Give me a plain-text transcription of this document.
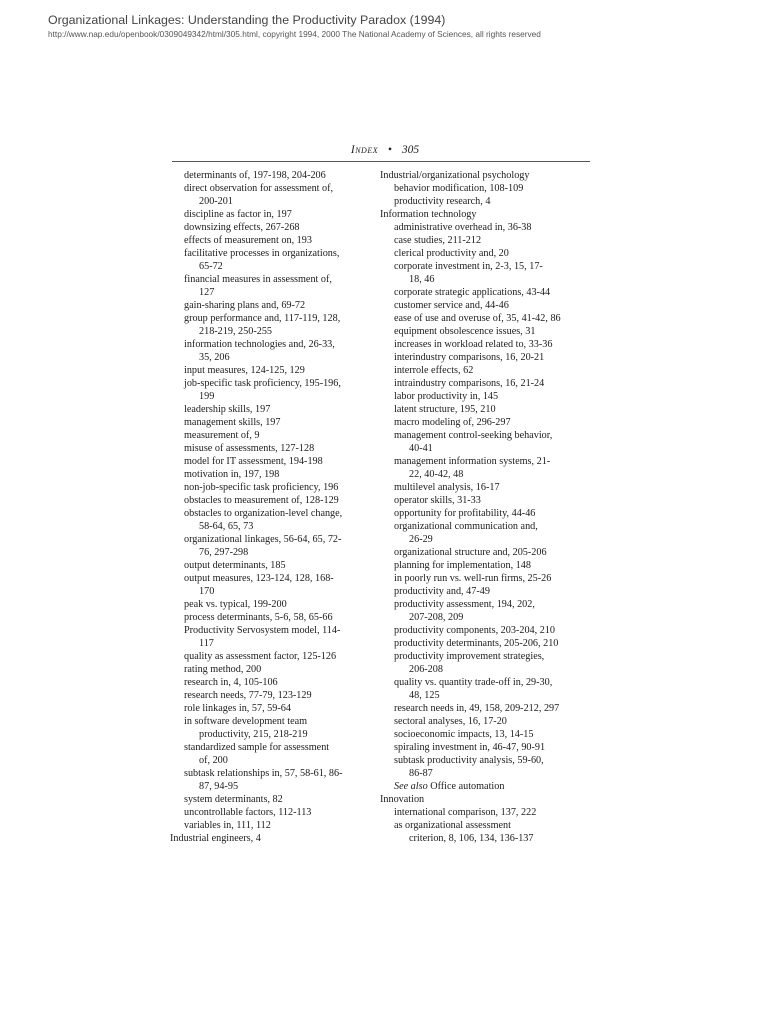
Organizational Linkages: Understanding the Productivity Paradox (1994)
http://www.nap.edu/openbook/0309049342/html/305.html, copyright 1994, 2000 The National Academy of Sciences, all rights reserved
Index • 305
determinants of, 197-198, 204-206
direct observation for assessment of,
200-201
discipline as factor in, 197
downsizing effects, 267-268
effects of measurement on, 193
facilitative processes in organizations,
65-72
financial measures in assessment of,
127
gain-sharing plans and, 69-72
group performance and, 117-119, 128,
218-219, 250-255
information technologies and, 26-33,
35, 206
input measures, 124-125, 129
job-specific task proficiency, 195-196,
199
leadership skills, 197
management skills, 197
measurement of, 9
misuse of assessments, 127-128
model for IT assessment, 194-198
motivation in, 197, 198
non-job-specific task proficiency, 196
obstacles to measurement of, 128-129
obstacles to organization-level change,
58-64, 65, 73
organizational linkages, 56-64, 65, 72-
76, 297-298
output determinants, 185
output measures, 123-124, 128, 168-
170
peak vs. typical, 199-200
process determinants, 5-6, 58, 65-66
Productivity Servosystem model, 114-
117
quality as assessment factor, 125-126
rating method, 200
research in, 4, 105-106
research needs, 77-79, 123-129
role linkages in, 57, 59-64
in software development team
productivity, 215, 218-219
standardized sample for assessment
of, 200
subtask relationships in, 57, 58-61, 86-
87, 94-95
system determinants, 82
uncontrollable factors, 112-113
variables in, 111, 112
Industrial engineers, 4
Industrial/organizational psychology
behavior modification, 108-109
productivity research, 4
Information technology
administrative overhead in, 36-38
case studies, 211-212
clerical productivity and, 20
corporate investment in, 2-3, 15, 17-
18, 46
corporate strategic applications, 43-44
customer service and, 44-46
ease of use and overuse of, 35, 41-42, 86
equipment obsolescence issues, 31
increases in workload related to, 33-36
interindustry comparisons, 16, 20-21
interrole effects, 62
intraindustry comparisons, 16, 21-24
labor productivity in, 145
latent structure, 195, 210
macro modeling of, 296-297
management control-seeking behavior,
40-41
management information systems, 21-
22, 40-42, 48
multilevel analysis, 16-17
operator skills, 31-33
opportunity for profitability, 44-46
organizational communication and,
26-29
organizational structure and, 205-206
planning for implementation, 148
in poorly run vs. well-run firms, 25-26
productivity and, 47-49
productivity assessment, 194, 202,
207-208, 209
productivity components, 203-204, 210
productivity determinants, 205-206, 210
productivity improvement strategies,
206-208
quality vs. quantity trade-off in, 29-30,
48, 125
research needs in, 49, 158, 209-212, 297
sectoral analyses, 16, 17-20
socioeconomic impacts, 13, 14-15
spiraling investment in, 46-47, 90-91
subtask productivity analysis, 59-60,
86-87
See also Office automation
Innovation
international comparison, 137, 222
as organizational assessment
criterion, 8, 106, 134, 136-137
